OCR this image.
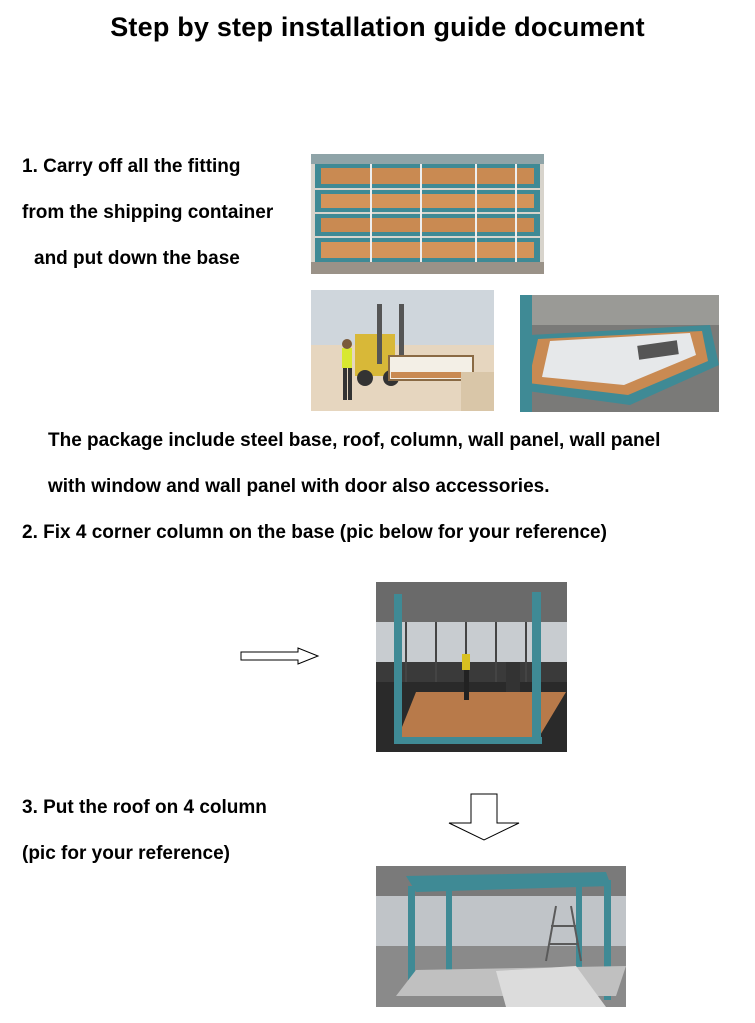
Step by step installation guide document
1. Carry off all the fitting
from the shipping container
and put down the base
The package include steel base, roof, column, wall panel, wall panel
with window and wall panel with door also accessories.
2. Fix 4 corner column on the base (pic below for your reference)
3. Put the roof on 4 column
(pic for your reference)
